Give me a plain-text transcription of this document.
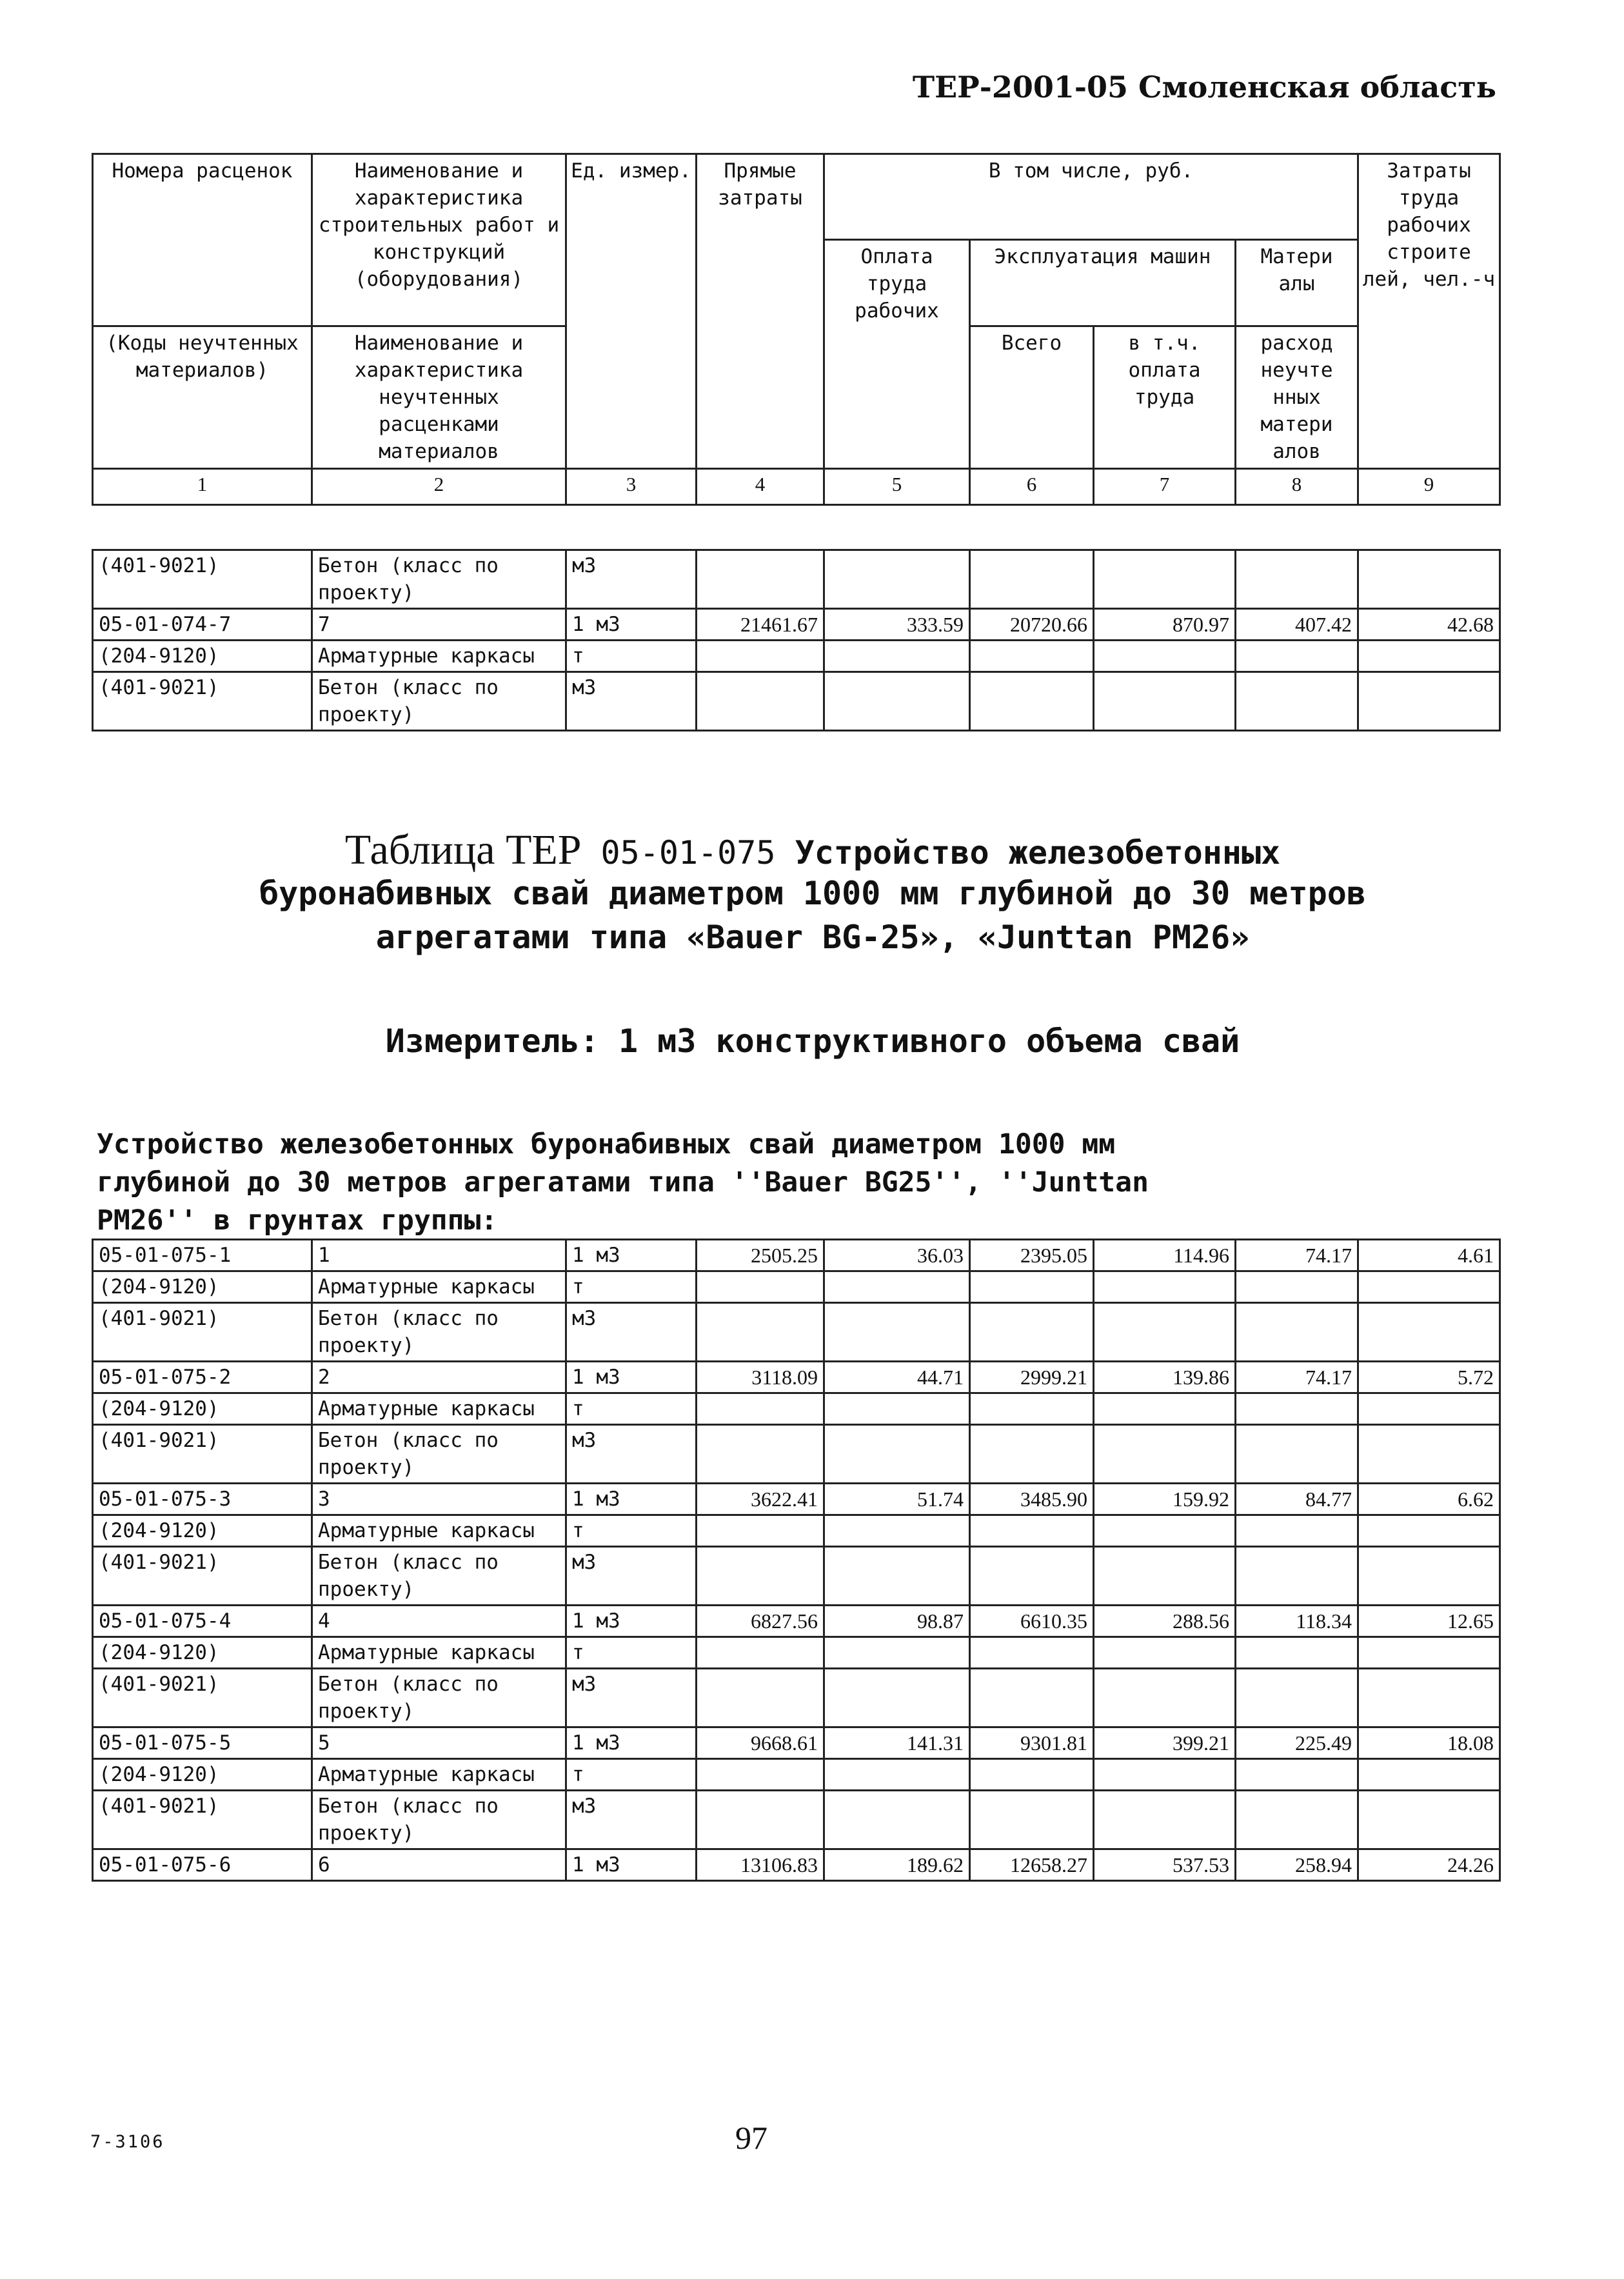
ТЕР-2001-05 Смоленская область
Номера расценок	Наименование и характеристика строительных работ и конструкций (оборудования)	Ед. измер.	Прямые затраты	В том числе, руб.				Затраты труда рабочих строите лей, чел.-ч
				Оплата труда рабочих	Эксплуатация машин		Матери алы	
(Коды неучтенных материалов)	Наименование и характеристика неучтенных расценками материалов				Всего	в т.ч. оплата труда	расход неучте нных матери алов	
1	2	3	4	5	6	7	8	9
(401-9021)	Бетон (класс по проекту)	м3						
05-01-074-7	7	1 м3	21461.67	333.59	20720.66	870.97	407.42	42.68
(204-9120)	Арматурные каркасы	т						
(401-9021)	Бетон (класс по проекту)	м3						
Таблица ТЕР 05-01-075 Устройство железобетонных
буронабивных свай диаметром 1000 мм глубиной до 30 метров
агрегатами типа «Bauer BG-25», «Junttan PM26»
Измеритель: 1 м3 конструктивного объема свай
Устройство железобетонных буронабивных свай диаметром 1000 мм
глубиной до 30 метров агрегатами типа ''Bauer BG25'', ''Junttan
PM26'' в грунтах группы:
05-01-075-1	1	1 м3	2505.25	36.03	2395.05	114.96	74.17	4.61
(204-9120)	Арматурные каркасы	т						
(401-9021)	Бетон (класс по проекту)	м3						
05-01-075-2	2	1 м3	3118.09	44.71	2999.21	139.86	74.17	5.72
(204-9120)	Арматурные каркасы	т						
(401-9021)	Бетон (класс по проекту)	м3						
05-01-075-3	3	1 м3	3622.41	51.74	3485.90	159.92	84.77	6.62
(204-9120)	Арматурные каркасы	т						
(401-9021)	Бетон (класс по проекту)	м3						
05-01-075-4	4	1 м3	6827.56	98.87	6610.35	288.56	118.34	12.65
(204-9120)	Арматурные каркасы	т						
(401-9021)	Бетон (класс по проекту)	м3						
05-01-075-5	5	1 м3	9668.61	141.31	9301.81	399.21	225.49	18.08
(204-9120)	Арматурные каркасы	т						
(401-9021)	Бетон (класс по проекту)	м3						
05-01-075-6	6	1 м3	13106.83	189.62	12658.27	537.53	258.94	24.26
7-3106	97
